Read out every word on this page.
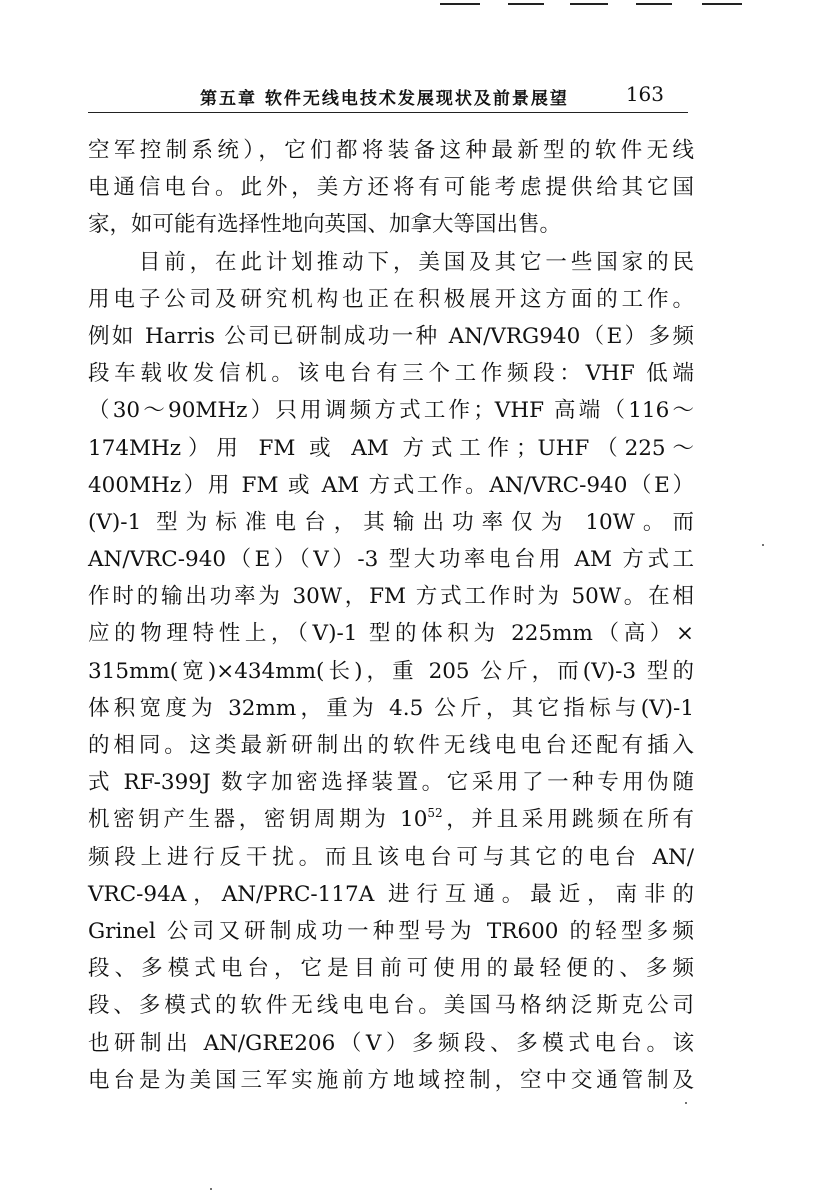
第五章 软件无线电技术发展现状及前景展望	163
空军控制系统），它们都将装备这种最新型的软件无线
电通信电台。此外，美方还将有可能考虑提供给其它国
家，如可能有选择性地向英国、加拿大等国出售。
　　目前，在此计划推动下，美国及其它一些国家的民
用电子公司及研究机构也正在积极展开这方面的工作。
例如 Harris 公司已研制成功一种 AN/VRG940（E）多频
段车载收发信机。该电台有三个工作频段：VHF 低端
（30～90MHz）只用调频方式工作；VHF 高端（116～
174MHz）用 FM 或 AM 方式工作；UHF（225～
400MHz）用 FM 或 AM 方式工作。AN/VRC-940（E）
(V)-1 型为标准电台，其输出功率仅为 10W。而
AN/VRC-940（E）（V）-3 型大功率电台用 AM 方式工
作时的输出功率为 30W，FM 方式工作时为 50W。在相
应的物理特性上，（V)-1 型的体积为 225mm（高）×
315mm(宽)×434mm(长)，重 205 公斤，而(V)-3 型的
体积宽度为 32mm，重为 4.5 公斤，其它指标与(V)-1
的相同。这类最新研制出的软件无线电电台还配有插入
式 RF-399J 数字加密选择装置。它采用了一种专用伪随
机密钥产生器，密钥周期为 $10^{52}$，并且采用跳频在所有
频段上进行反干扰。而且该电台可与其它的电台 AN/
VRC-94A，AN/PRC-117A 进行互通。最近，南非的
Grinel 公司又研制成功一种型号为 TR600 的轻型多频
段、多模式电台，它是目前可使用的最轻便的、多频
段、多模式的软件无线电电台。美国马格纳泛斯克公司
也研制出 AN/GRE206（V）多频段、多模式电台。该
电台是为美国三军实施前方地域控制，空中交通管制及
